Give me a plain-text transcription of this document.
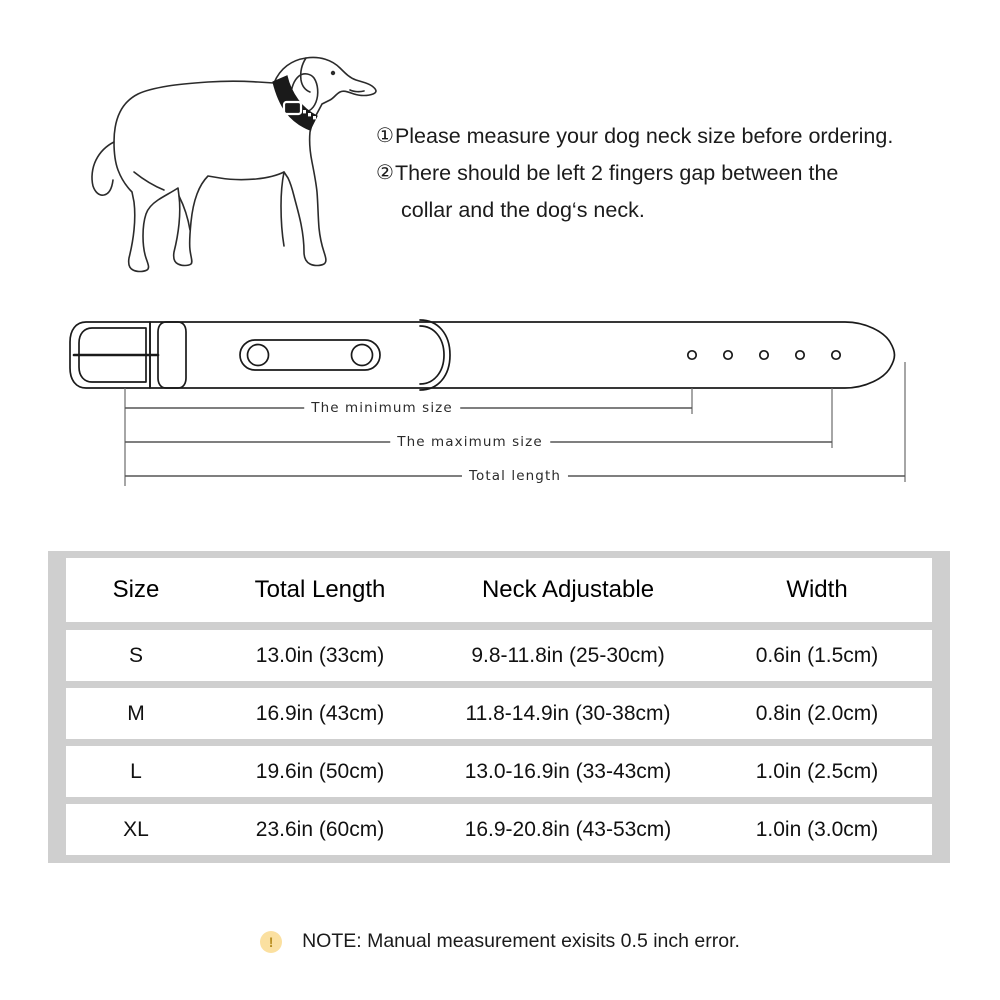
① Please measure your dog neck size before ordering.
② There should be left 2 fingers gap between the
collar and the dog‘s neck.
The minimum size
The maximum size
Total length
Size	Total Length	Neck Adjustable	Width
S	13.0in (33cm)	9.8-11.8in (25-30cm)	0.6in (1.5cm)
M	16.9in (43cm)	11.8-14.9in (30-38cm)	0.8in (2.0cm)
L	19.6in (50cm)	13.0-16.9in (33-43cm)	1.0in (2.5cm)
XL	23.6in (60cm)	16.9-20.8in (43-53cm)	1.0in (3.0cm)
!	NOTE: Manual measurement exisits 0.5 inch error.
